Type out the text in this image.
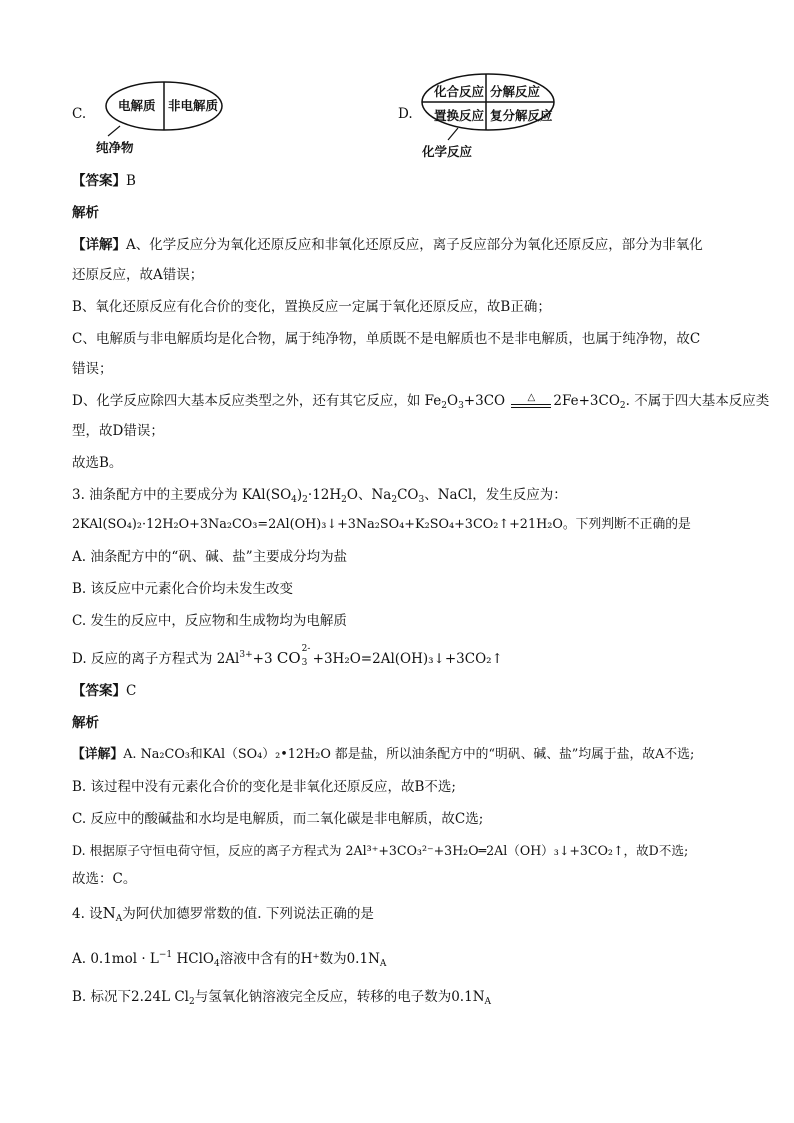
C.
电解质 非电解质
纯净物
D.
化合反应 分解反应
置换反应 复分解反应
化学反应
【答案】B
解析
【详解】A、化学反应分为氧化还原反应和非氧化还原反应，离子反应部分为氧化还原反应，部分为非氧化
还原反应，故A错误；
B、氧化还原反应有化合价的变化，置换反应一定属于氧化还原反应，故B正确；
C、电解质与非电解质均是化合物，属于纯净物，单质既不是电解质也不是非电解质，也属于纯净物，故C
错误；
D、化学反应除四大基本反应类型之外，还有其它反应，如 $Fe_2O_3+3CO$ △ $2Fe+3CO_2$. 不属于四大基本反应类
型，故D错误；
故选B。
3. 油条配方中的主要成分为 $KAl(SO_4)_2\cdot 12H_2O$、$Na_2CO_3$、NaCl，发生反应为：
2KAl(SO₄)₂·12H₂O+3Na₂CO₃=2Al(OH)₃↓+3Na₂SO₄+K₂SO₄+3CO₂↑+21H₂O。下列判断不正确的是
A. 油条配方中的“矾、碱、盐”主要成分均为盐
B. 该反应中元素化合价均未发生改变
C. 发生的反应中，反应物和生成物均为电解质
D. 反应的离子方程式为 $2Al^{3+}+3$ CO 2-
3 +3H₂O=2Al(OH)₃↓+3CO₂↑
【答案】C
解析
【详解】A. Na₂CO₃和KAl（SO₄）₂•12H₂O 都是盐，所以油条配方中的“明矾、碱、盐”均属于盐，故A不选;
B. 该过程中没有元素化合价的变化是非氧化还原反应，故B不选;
C. 反应中的酸碱盐和水均是电解质，而二氧化碳是非电解质，故C选;
D. 根据原子守恒电荷守恒，反应的离子方程式为 2Al³⁺+3CO₃²⁻+3H₂O═2Al（OH）₃↓+3CO₂↑，故D不选;
故选：C。
4. 设$N_A$为阿伏加德罗常数的值. 下列说法正确的是
A. $0.1mol \cdot L^{-1}$ HClO$_4$溶液中含有的H⁺数为$0.1N_A$
B. 标况下2.24L $Cl_2$与氢氧化钠溶液完全反应，转移的电子数为$0.1N_A$
